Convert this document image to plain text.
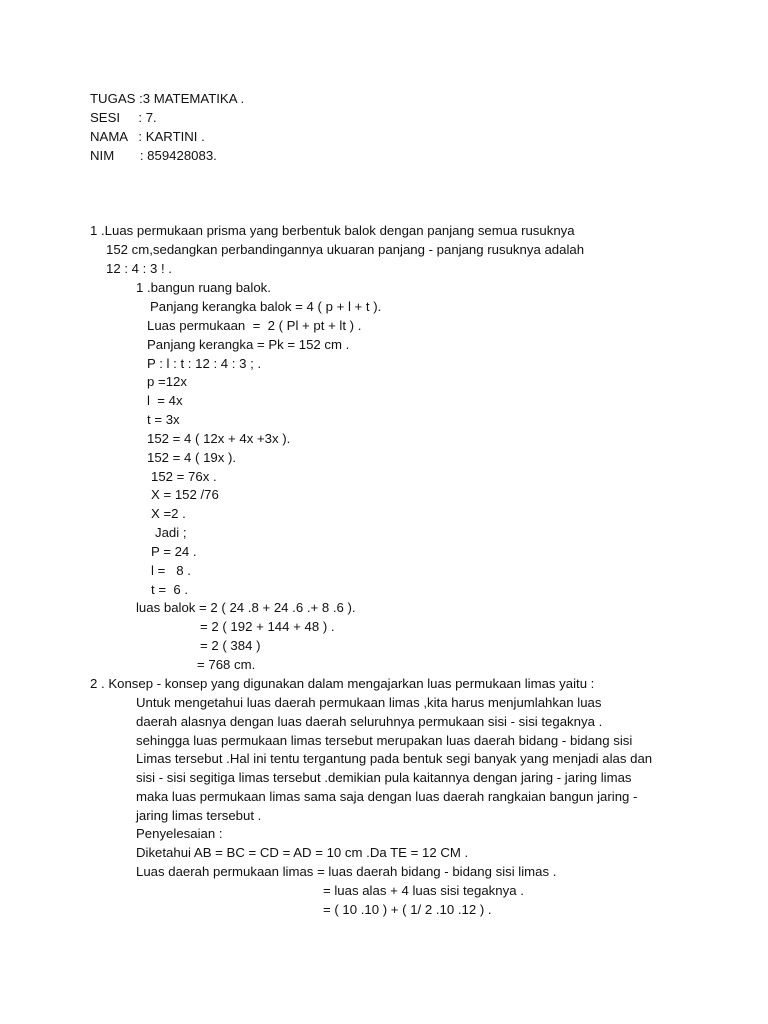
TUGAS :3 MATEMATIKA .
SESI     : 7.
NAMA   : KARTINI .
NIM       : 859428083.
1 .Luas permukaan prisma yang berbentuk balok dengan panjang semua rusuknya
152 cm,sedangkan perbandingannya ukuaran panjang - panjang rusuknya adalah
12 : 4 : 3 ! .
1 .bangun ruang balok.
Panjang kerangka balok = 4 ( p + l + t ).
Luas permukaan  =  2 ( Pl + pt + lt ) .
Panjang kerangka = Pk = 152 cm .
P : l : t : 12 : 4 : 3 ; .
p =12x
l  = 4x
t = 3x
152 = 4 ( 12x + 4x +3x ).
152 = 4 ( 19x ).
152 = 76x .
X = 152 /76
X =2 .
Jadi ;
P = 24 .
l =   8 .
t =  6 .
luas balok = 2 ( 24 .8 + 24 .6 .+ 8 .6 ).
= 2 ( 192 + 144 + 48 ) .
= 2 ( 384 )
= 768 cm.
2 . Konsep - konsep yang digunakan dalam mengajarkan luas permukaan limas yaitu :
Untuk mengetahui luas daerah permukaan limas ,kita harus menjumlahkan luas
daerah alasnya dengan luas daerah seluruhnya permukaan sisi - sisi tegaknya .
sehingga luas permukaan limas tersebut merupakan luas daerah bidang - bidang sisi
Limas tersebut .Hal ini tentu tergantung pada bentuk segi banyak yang menjadi alas dan
sisi - sisi segitiga limas tersebut .demikian pula kaitannya dengan jaring - jaring limas
maka luas permukaan limas sama saja dengan luas daerah rangkaian bangun jaring -
jaring limas tersebut .
Penyelesaian :
Diketahui AB = BC = CD = AD = 10 cm .Da TE = 12 CM .
Luas daerah permukaan limas = luas daerah bidang - bidang sisi limas .
= luas alas + 4 luas sisi tegaknya .
= ( 10 .10 ) + ( 1/ 2 .10 .12 ) .
